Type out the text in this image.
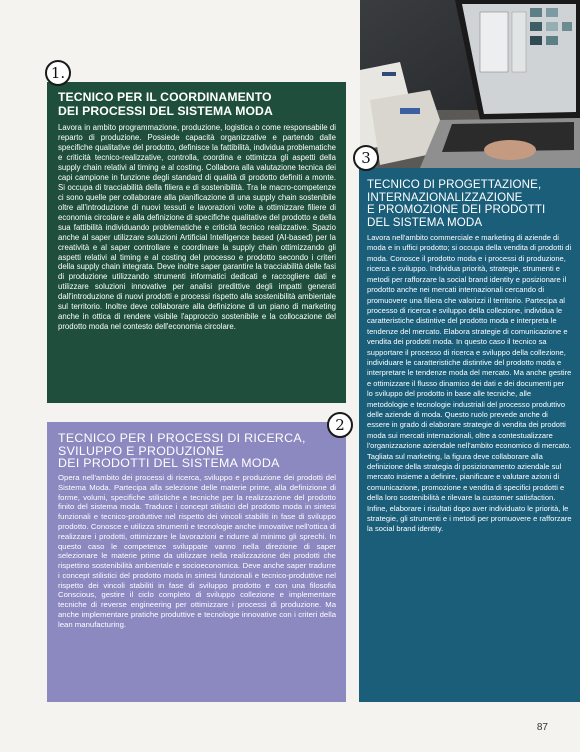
TECNICO PER IL COORDINAMENTO
DEI PROCESSI DEL SISTEMA MODA

Lavora in ambito programmazione, produzione, logistica o come responsabile di reparto di produzione. Possiede capacità organizzative e partendo dalle specifiche qualitative del prodotto, definisce la fattibilità, individua problematiche e criticità tecnico-realizzative, controlla, coordina e ottimizza gli aspetti della supply chain relativi al timing e al costing. Collabora alla valutazione tecnica dei capi campione in funzione degli standard di qualità di prodotto definiti a monte. Si occupa di tracciabilità della filiera e di sostenibilità. Tra le macro-competenze ci sono quelle per collaborare alla pianificazione di una supply chain sostenibile oltre all'introduzione di nuovi tessuti e lavorazioni volte a ottimizzare filiere di economia circolare e alla definizione di specifiche qualitative del prodotto e della sua fattibilità individuando problematiche e criticità tecnico realizzative. Spazio anche al saper utilizzare soluzioni Artificial Intelligence based (AI-based) per la creatività e al saper controllare e coordinare la supply chain ottimizzando gli aspetti relativi al timing e al costing del processo e prodotto secondo i criteri della supply chain integrata. Deve inoltre saper garantire la tracciabilità delle fasi di produzione utilizzando strumenti informatici dedicati e raccogliere dati e utilizzare soluzioni innovative per analisi predittive degli impatti generati dall'introduzione di nuovi prodotti e processi rispetto alla sostenibilità ambientale sul territorio. Inoltre deve collaborare alla definizione di un piano di marketing anche in ottica di rendere visibile l'approccio sostenibile e la collocazione del prodotto moda nel contesto dell'economia circolare.

1.
TECNICO PER I PROCESSI DI RICERCA,
SVILUPPO E PRODUZIONE
DEI PRODOTTI DEL SISTEMA MODA

Opera nell'ambito dei processi di ricerca, sviluppo e produzione dei prodotti del Sistema Moda. Partecipa alla selezione delle materie prime, alla definizione di forme, volumi, specifiche stilistiche e tecniche per la realizzazione del prodotto finito del sistema moda. Traduce i concept stilistici del prodotto moda in sintesi funzionali e tecnico-produttive nel rispetto dei vincoli stabiliti in fase di sviluppo prodotto. Conosce e utilizza strumenti e tecnologie anche innovative nell'ottica di realizzare i prodotti, ottimizzare le lavorazioni e ridurre al minimo gli sprechi. In questo caso le competenze sviluppate vanno nella direzione di saper selezionare le materie prime da utilizzare nella realizzazione dei prodotti che rispettino sostenibilità ambientale e socioeconomica. Deve anche saper tradurre i concept stilistici del prodotto moda in sintesi funzionali e tecnico-produttive nel rispetto dei vincoli stabiliti in fase di sviluppo prodotto e con una filosofia Conscious, gestire il ciclo completo di sviluppo collezione e implementare tecniche di reverse engineering per ottimizzare i processi di produzione. Ma anche implementare pratiche produttive e tecnologie innovative con i criteri della lean manufacturing.

2
TECNICO DI PROGETTAZIONE,
INTERNAZIONALIZZAZIONE
E PROMOZIONE DEI PRODOTTI
DEL SISTEMA MODA

Lavora nell'ambito commerciale e marketing di aziende di moda e in uffici prodotto; si occupa della vendita di prodotti di moda. Conosce il prodotto moda e i processi di produzione, ricerca e sviluppo. Individua priorità, strategie, strumenti e metodi per rafforzare la social brand identity e posizionare il prodotto anche nei mercati internazionali cercando di promuovere una filiera che valorizzi il territorio. Partecipa al processo di ricerca e sviluppo della collezione, individua le caratteristiche distintive del prodotto moda e interpreta le tendenze del mercato. Elabora strategie di comunicazione e vendita dei prodotti moda. In questo caso il tecnico sa supportare il processo di ricerca e sviluppo della collezione, individuare le caratteristiche distintive del prodotto moda e interpretare le tendenze moda del mercato. Ma anche gestire e ottimizzare il flusso dinamico dei dati e dei documenti per lo sviluppo del prodotto in base alle tecniche, alle metodologie e tecnologie industriali del processo produttivo delle aziende di moda. Questo ruolo prevede anche di essere in grado di elaborare strategie di vendita dei prodotti moda sui mercati internazionali, oltre a contestualizzare l'organizzazione aziendale nell'ambito economico di mercato. Tagliata sul marketing, la figura deve collaborare alla definizione della strategia di posizionamento aziendale sul mercato insieme a definire, pianificare e valutare azioni di comunicazione, promozione e vendita di specifici prodotti e della loro sostenibilità e rilevare la customer satisfaction. Infine, elaborare i risultati dopo aver individuato le priorità, le strategie, gli strumenti e i metodi per promuovere e rafforzare la social brand identity.

3
87
